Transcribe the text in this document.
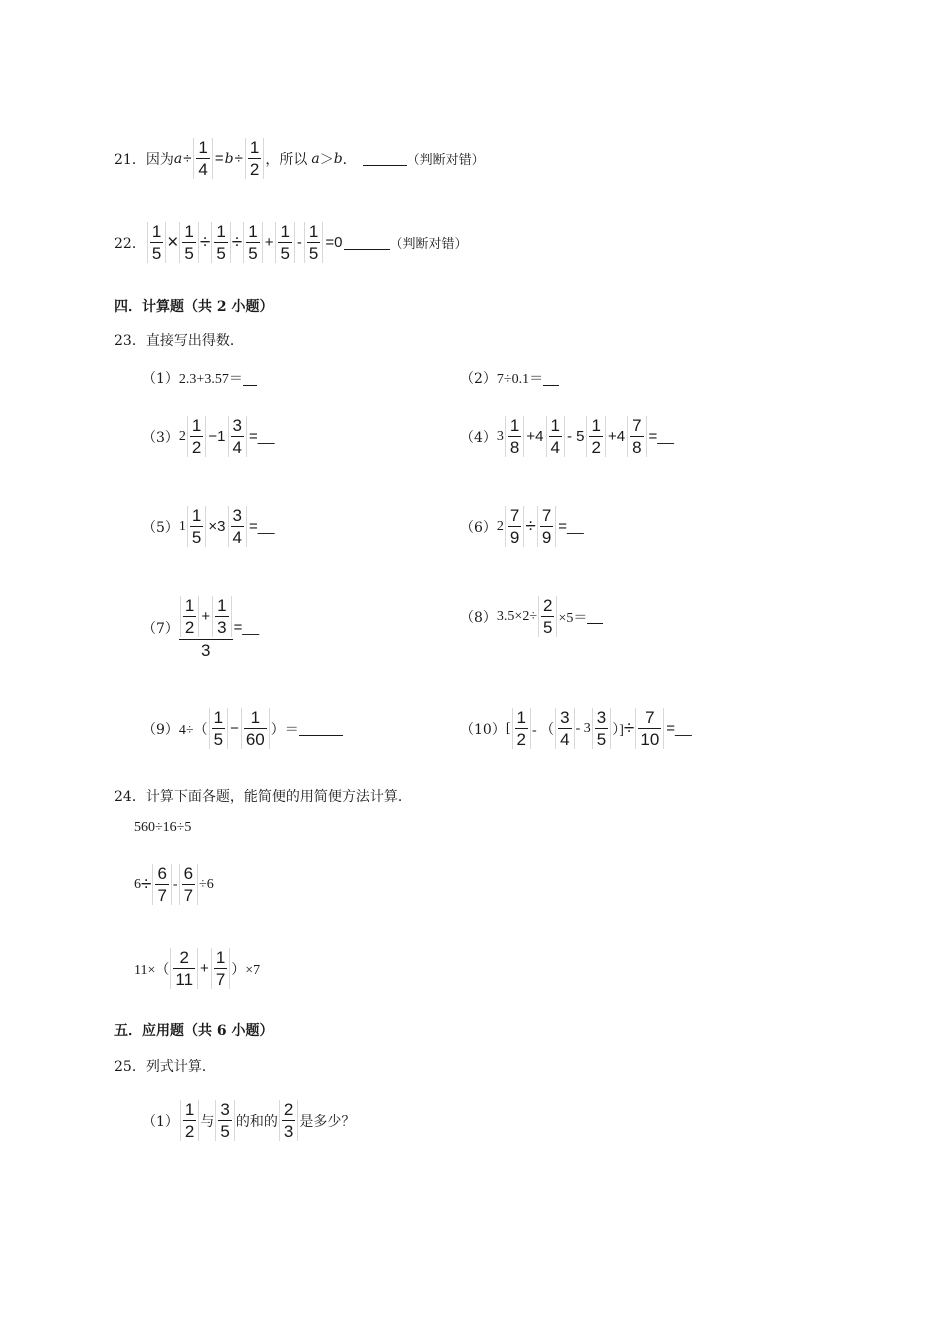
21． 因为 $a \div \frac{1}{4} = b \div \frac{1}{2}$ ，所以 a ＞ b ．	（判断对错）
22． $\frac{1}{5} \times \frac{1}{5} \div \frac{1}{5} \div \frac{1}{5} + \frac{1}{5} - \frac{1}{5} =0$	（判断对错）
四．计算题（共 2 小题）
23．直接写出得数．
（1） 2.3+3.57＝	（2） 7÷0.1＝
（3） $2 \frac{1}{2} -1 \frac{3}{4}$ =__	（4） $3 \frac{1}{8} +4 \frac{1}{4} - 5 \frac{1}{2} +4 \frac{7}{8}$ =__
（5） $1 \frac{1}{5} \times 3 \frac{3}{4}$ =__	（6） $2 \frac{7}{9} \div \frac{7}{9}$ =__
$(7) \frac{\frac{1}{2} + \frac{1}{3}}{3}$ =__
（8） $3.5\times 2\div \frac{2}{5} \times 5=$
（9） $4\div( \frac{1}{5} - \frac{1}{60}$ ）＝	（10） [ $\frac{1}{2}$ - （ $\frac{3}{4} - 3 \frac{3}{5}$ ）] ÷ $\frac{7}{10}$ =__
24．计算下面各题，能简便的用简便方法计算．
560÷16÷5
$6 \div \frac{6}{7} - \frac{6}{7} \div 6$
$11\times( \frac{2}{11} + \frac{1}{7} )\times 7$
五．应用题（共 6 小题）
25．列式计算．
$(1) \frac{1}{2}$ 与 $\frac{3}{5}$ 的和的 $\frac{2}{3}$ 是多少？
